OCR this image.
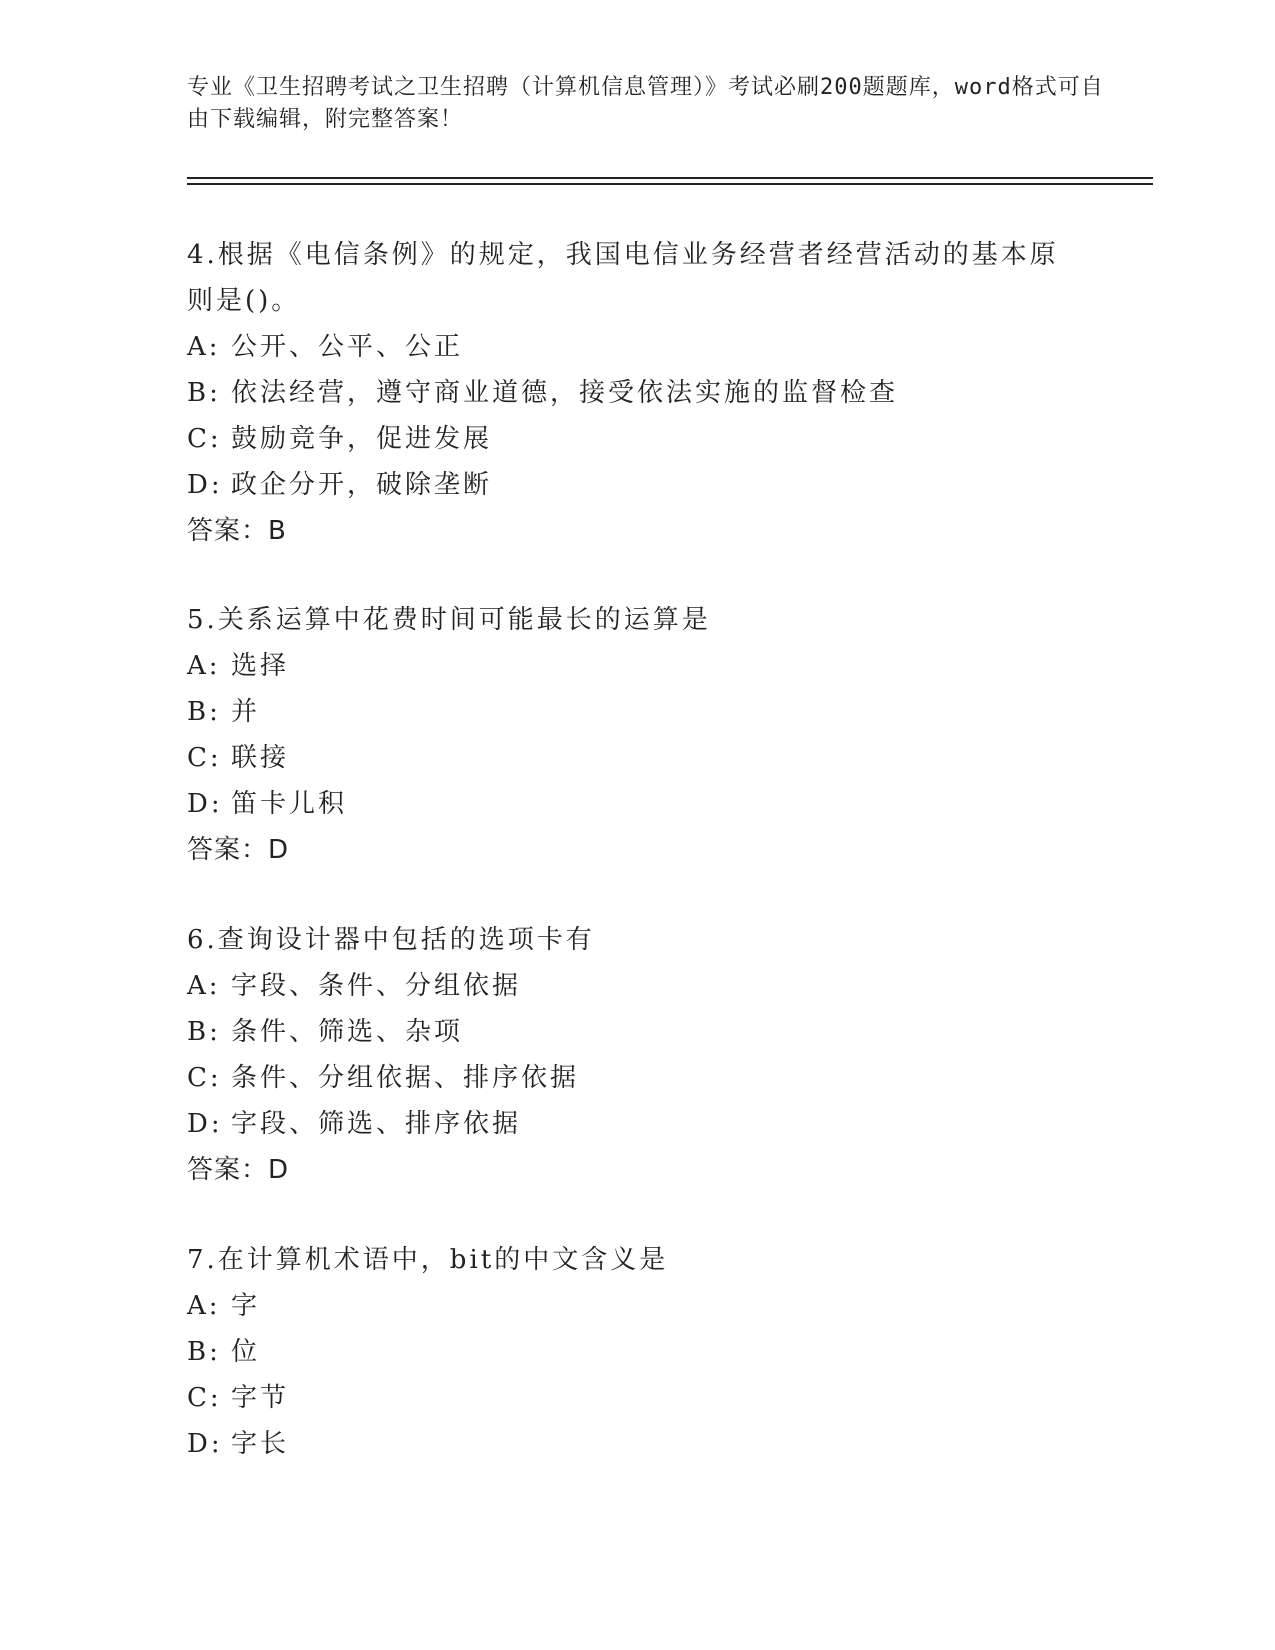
专业《卫生招聘考试之卫生招聘（计算机信息管理）》考试必刷200题题库，word格式可自由下载编辑，附完整答案！
4.根据《电信条例》的规定，我国电信业务经营者经营活动的基本原则是()。
A: 公开、公平、公正
B: 依法经营，遵守商业道德，接受依法实施的监督检查
C: 鼓励竞争，促进发展
D: 政企分开，破除垄断
答案：B
5.关系运算中花费时间可能最长的运算是
A: 选择
B: 并
C: 联接
D: 笛卡儿积
答案：D
6.查询设计器中包括的选项卡有
A: 字段、条件、分组依据
B: 条件、筛选、杂项
C: 条件、分组依据、排序依据
D: 字段、筛选、排序依据
答案：D
7.在计算机术语中，bit的中文含义是
A: 字
B: 位
C: 字节
D: 字长
